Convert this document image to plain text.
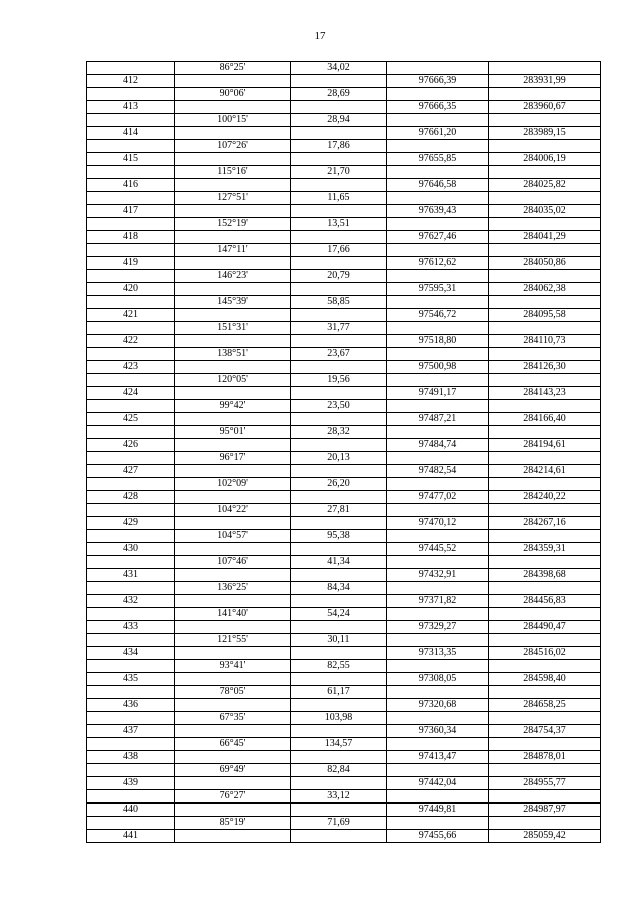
17
	86°25'	34,02		
412			97666,39	283931,99
	90°06'	28,69		
413			97666,35	283960,67
	100°15'	28,94		
414			97661,20	283989,15
	107°26'	17,86		
415			97655,85	284006,19
	115°16'	21,70		
416			97646,58	284025,82
	127°51'	11,65		
417			97639,43	284035,02
	152°19'	13,51		
418			97627,46	284041,29
	147°11'	17,66		
419			97612,62	284050,86
	146°23'	20,79		
420			97595,31	284062,38
	145°39'	58,85		
421			97546,72	284095,58
	151°31'	31,77		
422			97518,80	284110,73
	138°51'	23,67		
423			97500,98	284126,30
	120°05'	19,56		
424			97491,17	284143,23
	99°42'	23,50		
425			97487,21	284166,40
	95°01'	28,32		
426			97484,74	284194,61
	96°17'	20,13		
427			97482,54	284214,61
	102°09'	26,20		
428			97477,02	284240,22
	104°22'	27,81		
429			97470,12	284267,16
	104°57'	95,38		
430			97445,52	284359,31
	107°46'	41,34		
431			97432,91	284398,68
	136°25'	84,34		
432			97371,82	284456,83
	141°40'	54,24		
433			97329,27	284490,47
	121°55'	30,11		
434			97313,35	284516,02
	93°41'	82,55		
435			97308,05	284598,40
	78°05'	61,17		
436			97320,68	284658,25
	67°35'	103,98		
437			97360,34	284754,37
	66°45'	134,57		
438			97413,47	284878,01
	69°49'	82,84		
439			97442,04	284955,77
	76°27'	33,12		
440			97449,81	284987,97
	85°19'	71,69		
441			97455,66	285059,42
